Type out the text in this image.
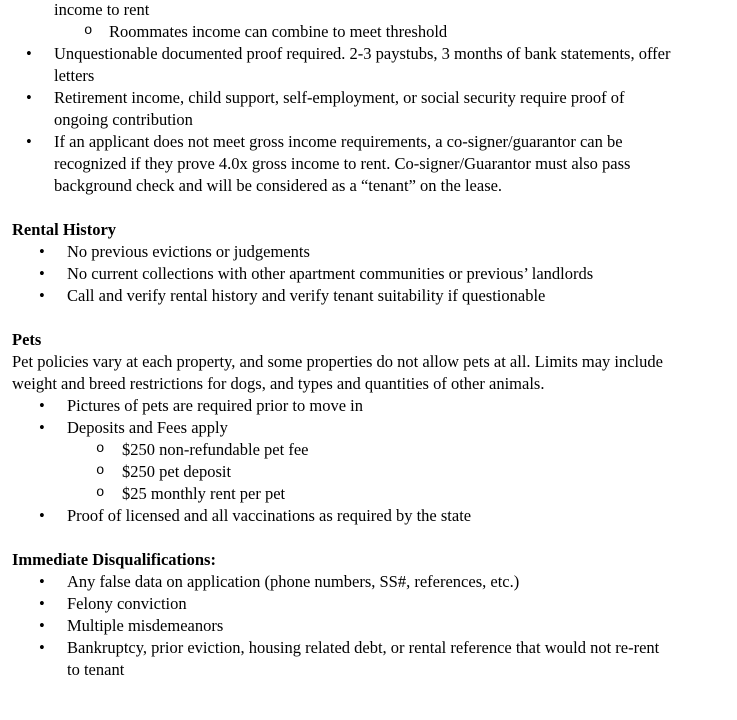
income to rent
o Roommates income can combine to meet threshold
• Unquestionable documented proof required. 2-3 paystubs, 3 months of bank statements, offer
letters
• Retirement income, child support, self-employment, or social security require proof of
ongoing contribution
• If an applicant does not meet gross income requirements, a co-signer/guarantor can be
recognized if they prove 4.0x gross income to rent. Co-signer/Guarantor must also pass
background check and will be considered as a “tenant” on the lease.
Rental History
• No previous evictions or judgements
• No current collections with other apartment communities or previous’ landlords
• Call and verify rental history and verify tenant suitability if questionable
Pets
Pet policies vary at each property, and some properties do not allow pets at all. Limits may include
weight and breed restrictions for dogs, and types and quantities of other animals.
• Pictures of pets are required prior to move in
• Deposits and Fees apply
o $250 non-refundable pet fee
o $250 pet deposit
o $25 monthly rent per pet
• Proof of licensed and all vaccinations as required by the state
Immediate Disqualifications:
• Any false data on application (phone numbers, SS#, references, etc.)
• Felony conviction
• Multiple misdemeanors
• Bankruptcy, prior eviction, housing related debt, or rental reference that would not re-rent
to tenant
